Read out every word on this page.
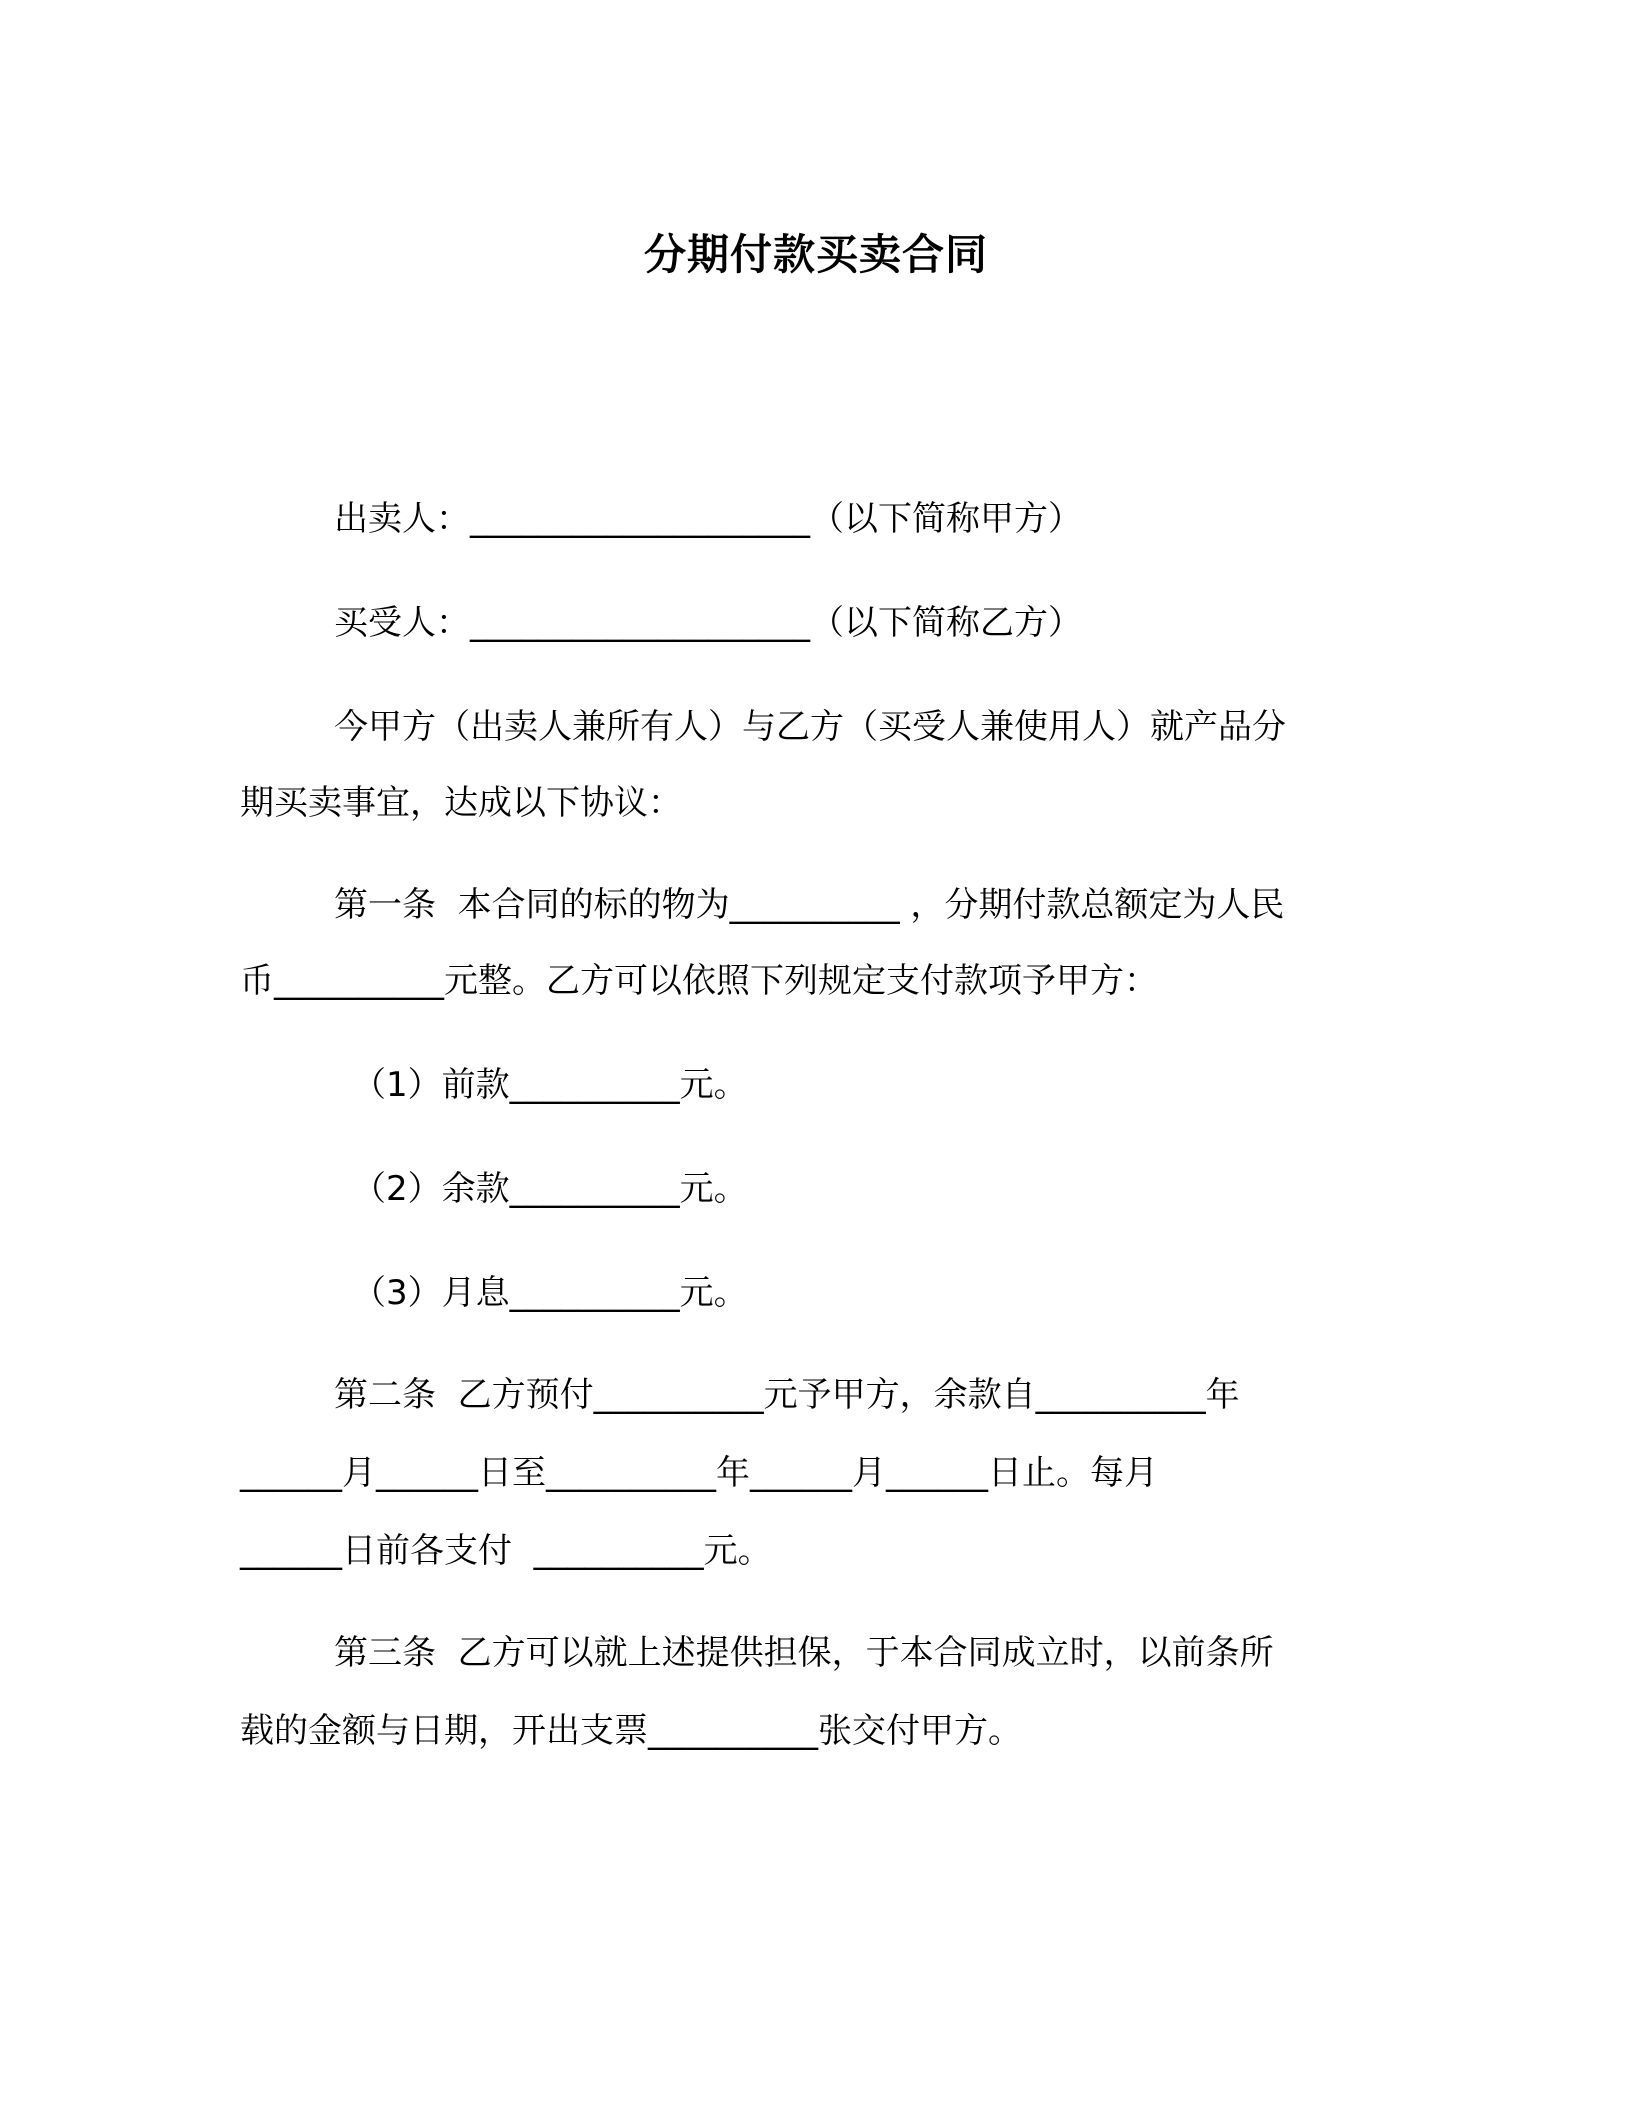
分期付款买卖合同
出卖人：____________________（以下简称甲方）
买受人：____________________（以下简称乙方）
今甲方（出卖人兼所有人）与乙方（买受人兼使用人）就产品分
期买卖事宜，达成以下协议：
第一条  本合同的标的物为__________ ，分期付款总额定为人民
币__________元整。乙方可以依照下列规定支付款项予甲方：
（1）前款__________元。
（2）余款__________元。
（3）月息__________元。
第二条  乙方预付__________元予甲方，余款自__________年
______月______日至__________年______月______日止。每月
______日前各支付  __________元。
第三条  乙方可以就上述提供担保，于本合同成立时，以前条所
载的金额与日期，开出支票__________张交付甲方。
